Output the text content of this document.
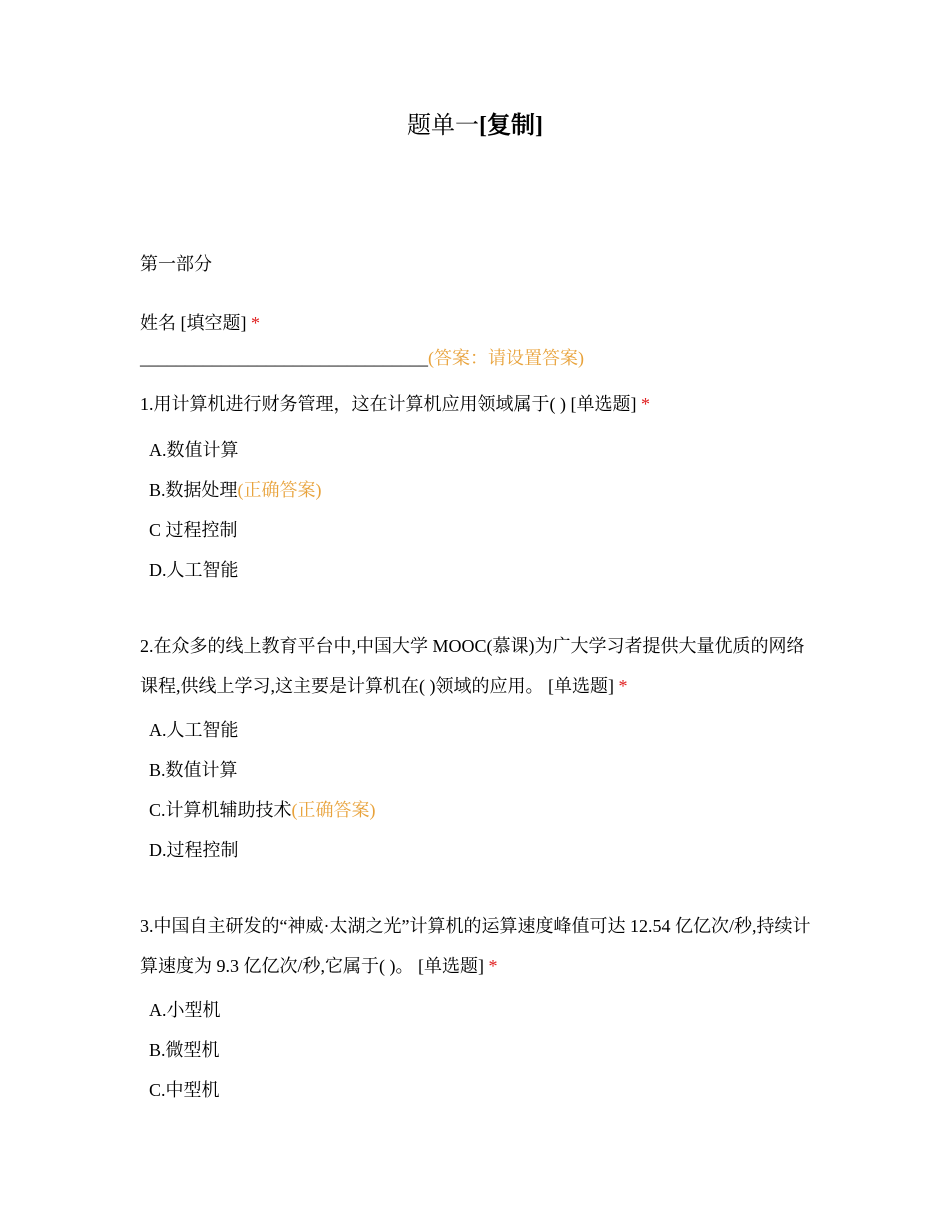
题单一[复制]
第一部分
姓名 [填空题] *
________________________________(答案：请设置答案)
1.用计算机进行财务管理，这在计算机应用领域属于( ) [单选题] *
A.数值计算
B.数据处理(正确答案)
C 过程控制
D.人工智能
2.在众多的线上教育平台中,中国大学 MOOC(慕课)为广大学习者提供大量优质的网络课程,供线上学习,这主要是计算机在( )领域的应用。 [单选题] *
A.人工智能
B.数值计算
C.计算机辅助技术(正确答案)
D.过程控制
3.中国自主研发的“神威·太湖之光”计算机的运算速度峰值可达 12.54 亿亿次/秒,持续计算速度为 9.3 亿亿次/秒,它属于( )。 [单选题] *
A.小型机
B.微型机
C.中型机
